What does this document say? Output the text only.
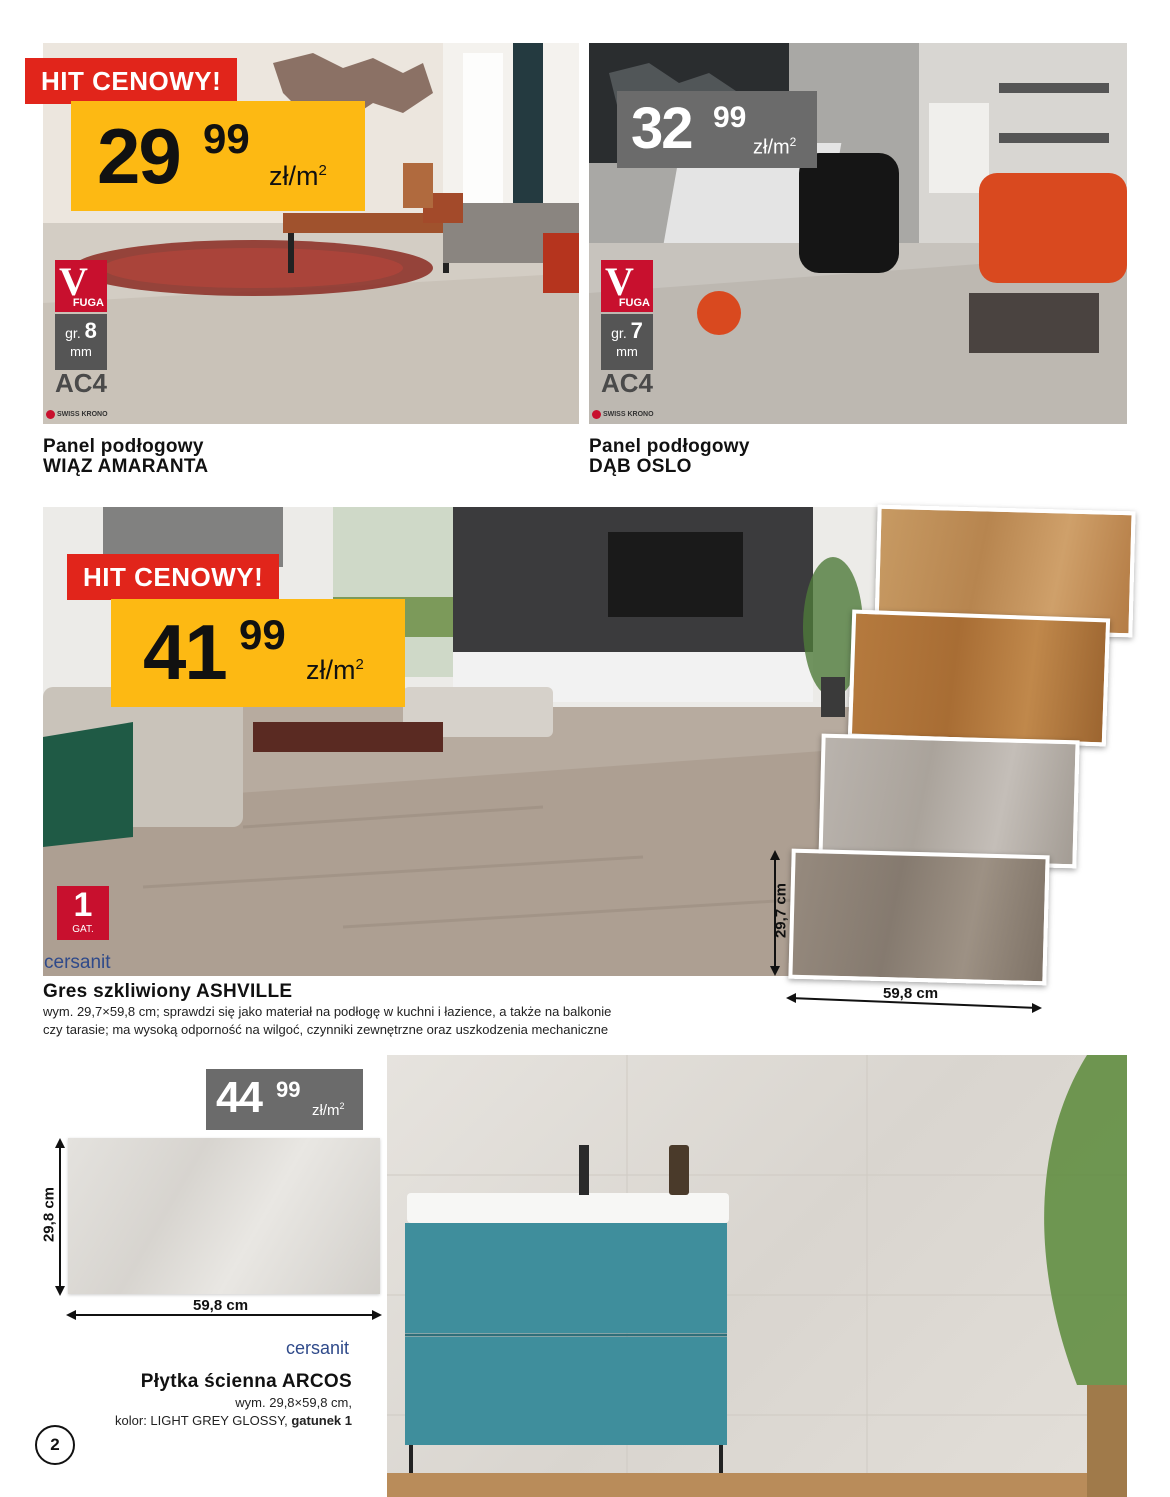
HIT CENOWY!
29 99
$zł/m^2$
V
FUGA
gr. 8
mm
AC4
SWISS KRONO
Panel podłogowy
WIĄZ AMARANTA
32 99
$zł/m^2$
V
FUGA
gr. 7
mm
AC4
SWISS KRONO
Panel podłogowy
DĄB OSLO
HIT CENOWY!
41 99
$zł/m^2$
1
GAT.
cersanit
29,7 cm
59,8 cm
Gres szkliwiony ASHVILLE
wym. 29,7×59,8 cm; sprawdzi się jako materiał na podłogę w kuchni i łazience, a także na balkonie
czy tarasie; ma wysoką odporność na wilgoć, czynniki zewnętrzne oraz uszkodzenia mechaniczne
44 99
$zł/m^2$
29,8 cm
59,8 cm
cersanit
Płytka ścienna ARCOS
wym. 29,8×59,8 cm,
kolor: LIGHT GREY GLOSSY, gatunek 1
2
